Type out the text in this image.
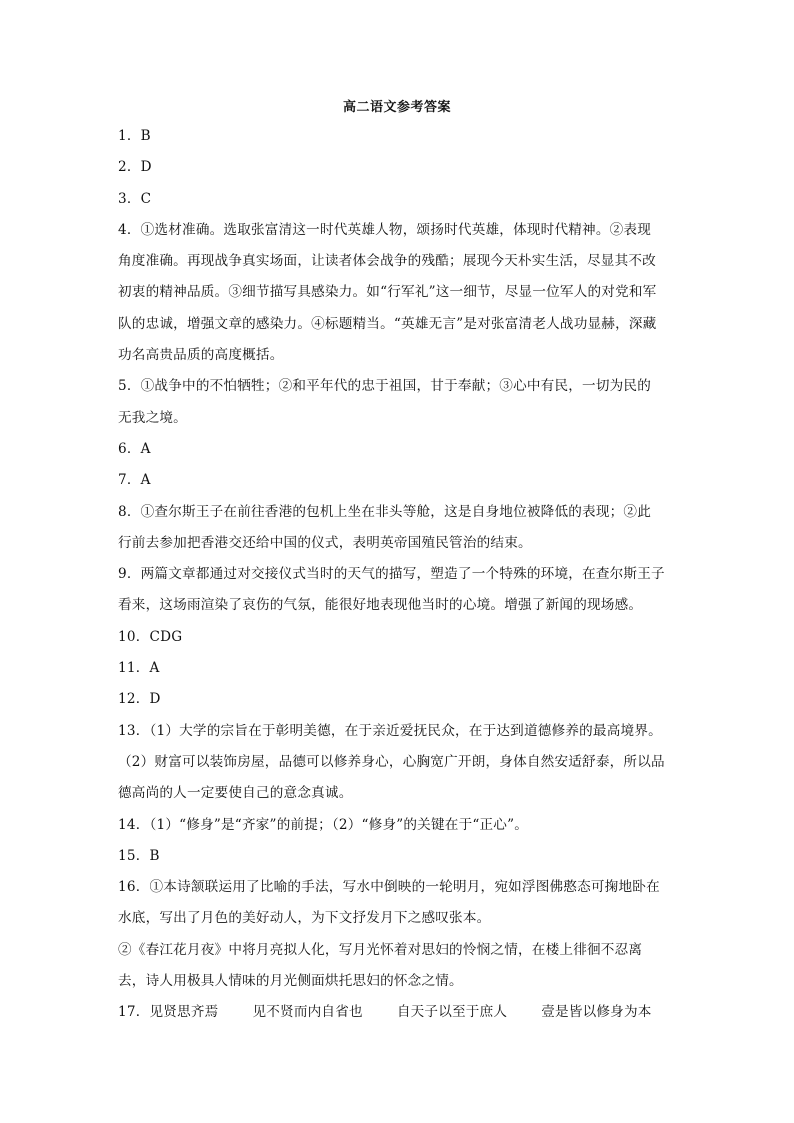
高二语文参考答案

1．B

2．D

3．C

4．①选材准确。选取张富清这一时代英雄人物，颂扬时代英雄，体现时代精神。②表现

角度准确。再现战争真实场面，让读者体会战争的残酷；展现今天朴实生活，尽显其不改

初衷的精神品质。③细节描写具感染力。如“行军礼”这一细节，尽显一位军人的对党和军

队的忠诚，增强文章的感染力。④标题精当。“英雄无言”是对张富清老人战功显赫，深藏

功名高贵品质的高度概括。

5．①战争中的不怕牺牲；②和平年代的忠于祖国，甘于奉献；③心中有民，一切为民的

无我之境。

6．A

7．A

8．①查尔斯王子在前往香港的包机上坐在非头等舱，这是自身地位被降低的表现；②此

行前去参加把香港交还给中国的仪式，表明英帝国殖民管治的结束。

9．两篇文章都通过对交接仪式当时的天气的描写，塑造了一个特殊的环境，在查尔斯王子

看来，这场雨渲染了哀伤的气氛，能很好地表现他当时的心境。增强了新闻的现场感。

10．CDG

11．A

12．D

13．（1）大学的宗旨在于彰明美德，在于亲近爱抚民众，在于达到道德修养的最高境界。

（2）财富可以装饰房屋，品德可以修养身心，心胸宽广开朗，身体自然安适舒泰，所以品

德高尚的人一定要使自己的意念真诚。

14．（1）“修身”是“齐家”的前提；（2）“修身”的关键在于“正心”。

15．B

16．①本诗颔联运用了比喻的手法，写水中倒映的一轮明月，宛如浮图佛憨态可掬地卧在

水底，写出了月色的美好动人，为下文抒发月下之感叹张本。

②《春江花月夜》中将月亮拟人化，写月光怀着对思妇的怜悯之情，在楼上徘徊不忍离

去，诗人用极具人情味的月光侧面烘托思妇的怀念之情。

17．见贤思齐焉	见不贤而内自省也	自天子以至于庶人	壹是皆以修身为本
